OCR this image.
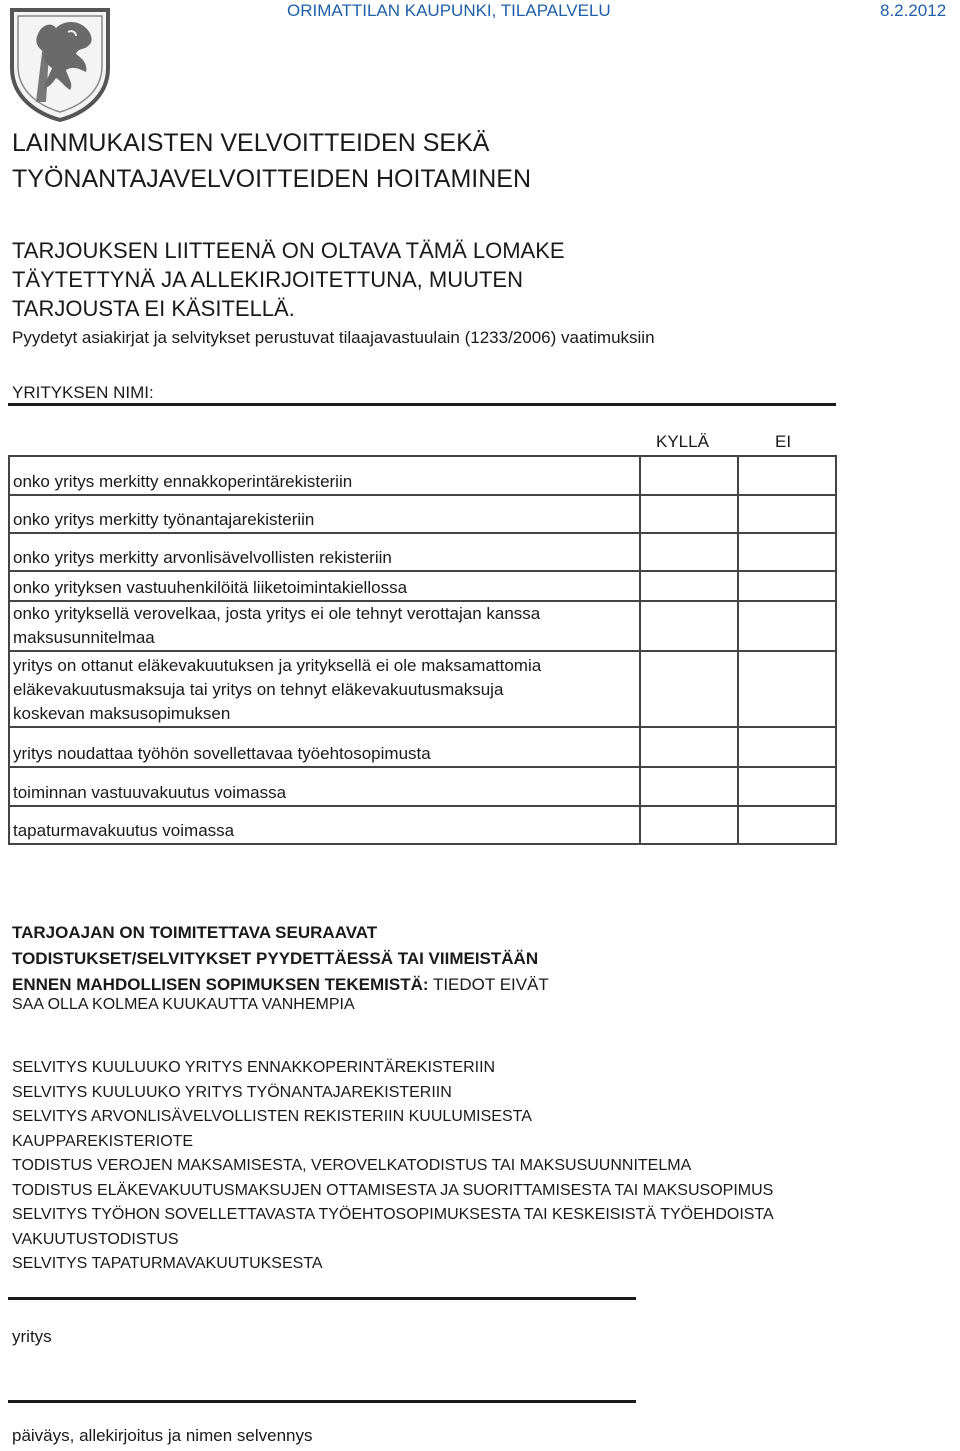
ORIMATTILAN KAUPUNKI, TILAPALVELU	8.2.2012
LAINMUKAISTEN VELVOITTEIDEN SEKÄ
TYÖNANTAJAVELVOITTEIDEN HOITAMINEN
TARJOUKSEN LIITTEENÄ ON OLTAVA TÄMÄ LOMAKE
TÄYTETTYNÄ JA ALLEKIRJOITETTUNA, MUUTEN
TARJOUSTA EI KÄSITELLÄ.
Pyydetyt asiakirjat ja selvitykset perustuvat tilaajavastuulain (1233/2006) vaatimuksiin
YRITYKSEN NIMI:
KYLLÄ	EI
onko yritys merkitty ennakkoperintärekisteriin		

onko yritys merkitty työnantajarekisteriin		

onko yritys merkitty arvonlisävelvollisten rekisteriin		

onko yrityksen vastuuhenkilöitä liiketoimintakiellossa		

onko yrityksellä verovelkaa, josta yritys ei ole tehnyt verottajan kanssa
maksusunnitelmaa		

yritys on ottanut eläkevakuutuksen ja yrityksellä ei ole maksamattomia
eläkevakuutusmaksuja tai yritys on tehnyt eläkevakuutusmaksuja
koskevan maksusopimuksen		

yritys noudattaa työhön sovellettavaa työehtosopimusta		

toiminnan vastuuvakuutus voimassa		

tapaturmavakuutus voimassa		

TARJOAJAN ON TOIMITETTAVA SEURAAVAT
TODISTUKSET/SELVITYKSET PYYDETTÄESSÄ TAI VIIMEISTÄÄN
ENNEN MAHDOLLISEN SOPIMUKSEN TEKEMISTÄ: TIEDOT EIVÄT
SAA OLLA KOLMEA KUUKAUTTA VANHEMPIA
SELVITYS KUULUUKO YRITYS ENNAKKOPERINTÄREKISTERIIN
SELVITYS KUULUUKO YRITYS TYÖNANTAJAREKISTERIIN
SELVITYS ARVONLISÄVELVOLLISTEN REKISTERIIN KUULUMISESTA
KAUPPAREKISTERIOTE
TODISTUS VEROJEN MAKSAMISESTA, VEROVELKATODISTUS TAI MAKSUSUUNNITELMA
TODISTUS ELÄKEVAKUUTUSMAKSUJEN OTTAMISESTA JA SUORITTAMISESTA TAI MAKSUSOPIMUS
SELVITYS TYÖHON SOVELLETTAVASTA TYÖEHTOSOPIMUKSESTA TAI KESKEISISTÄ TYÖEHDOISTA
VAKUUTUSTODISTUS
SELVITYS TAPATURMAVAKUUTUKSESTA
yritys
päiväys, allekirjoitus ja nimen selvennys
